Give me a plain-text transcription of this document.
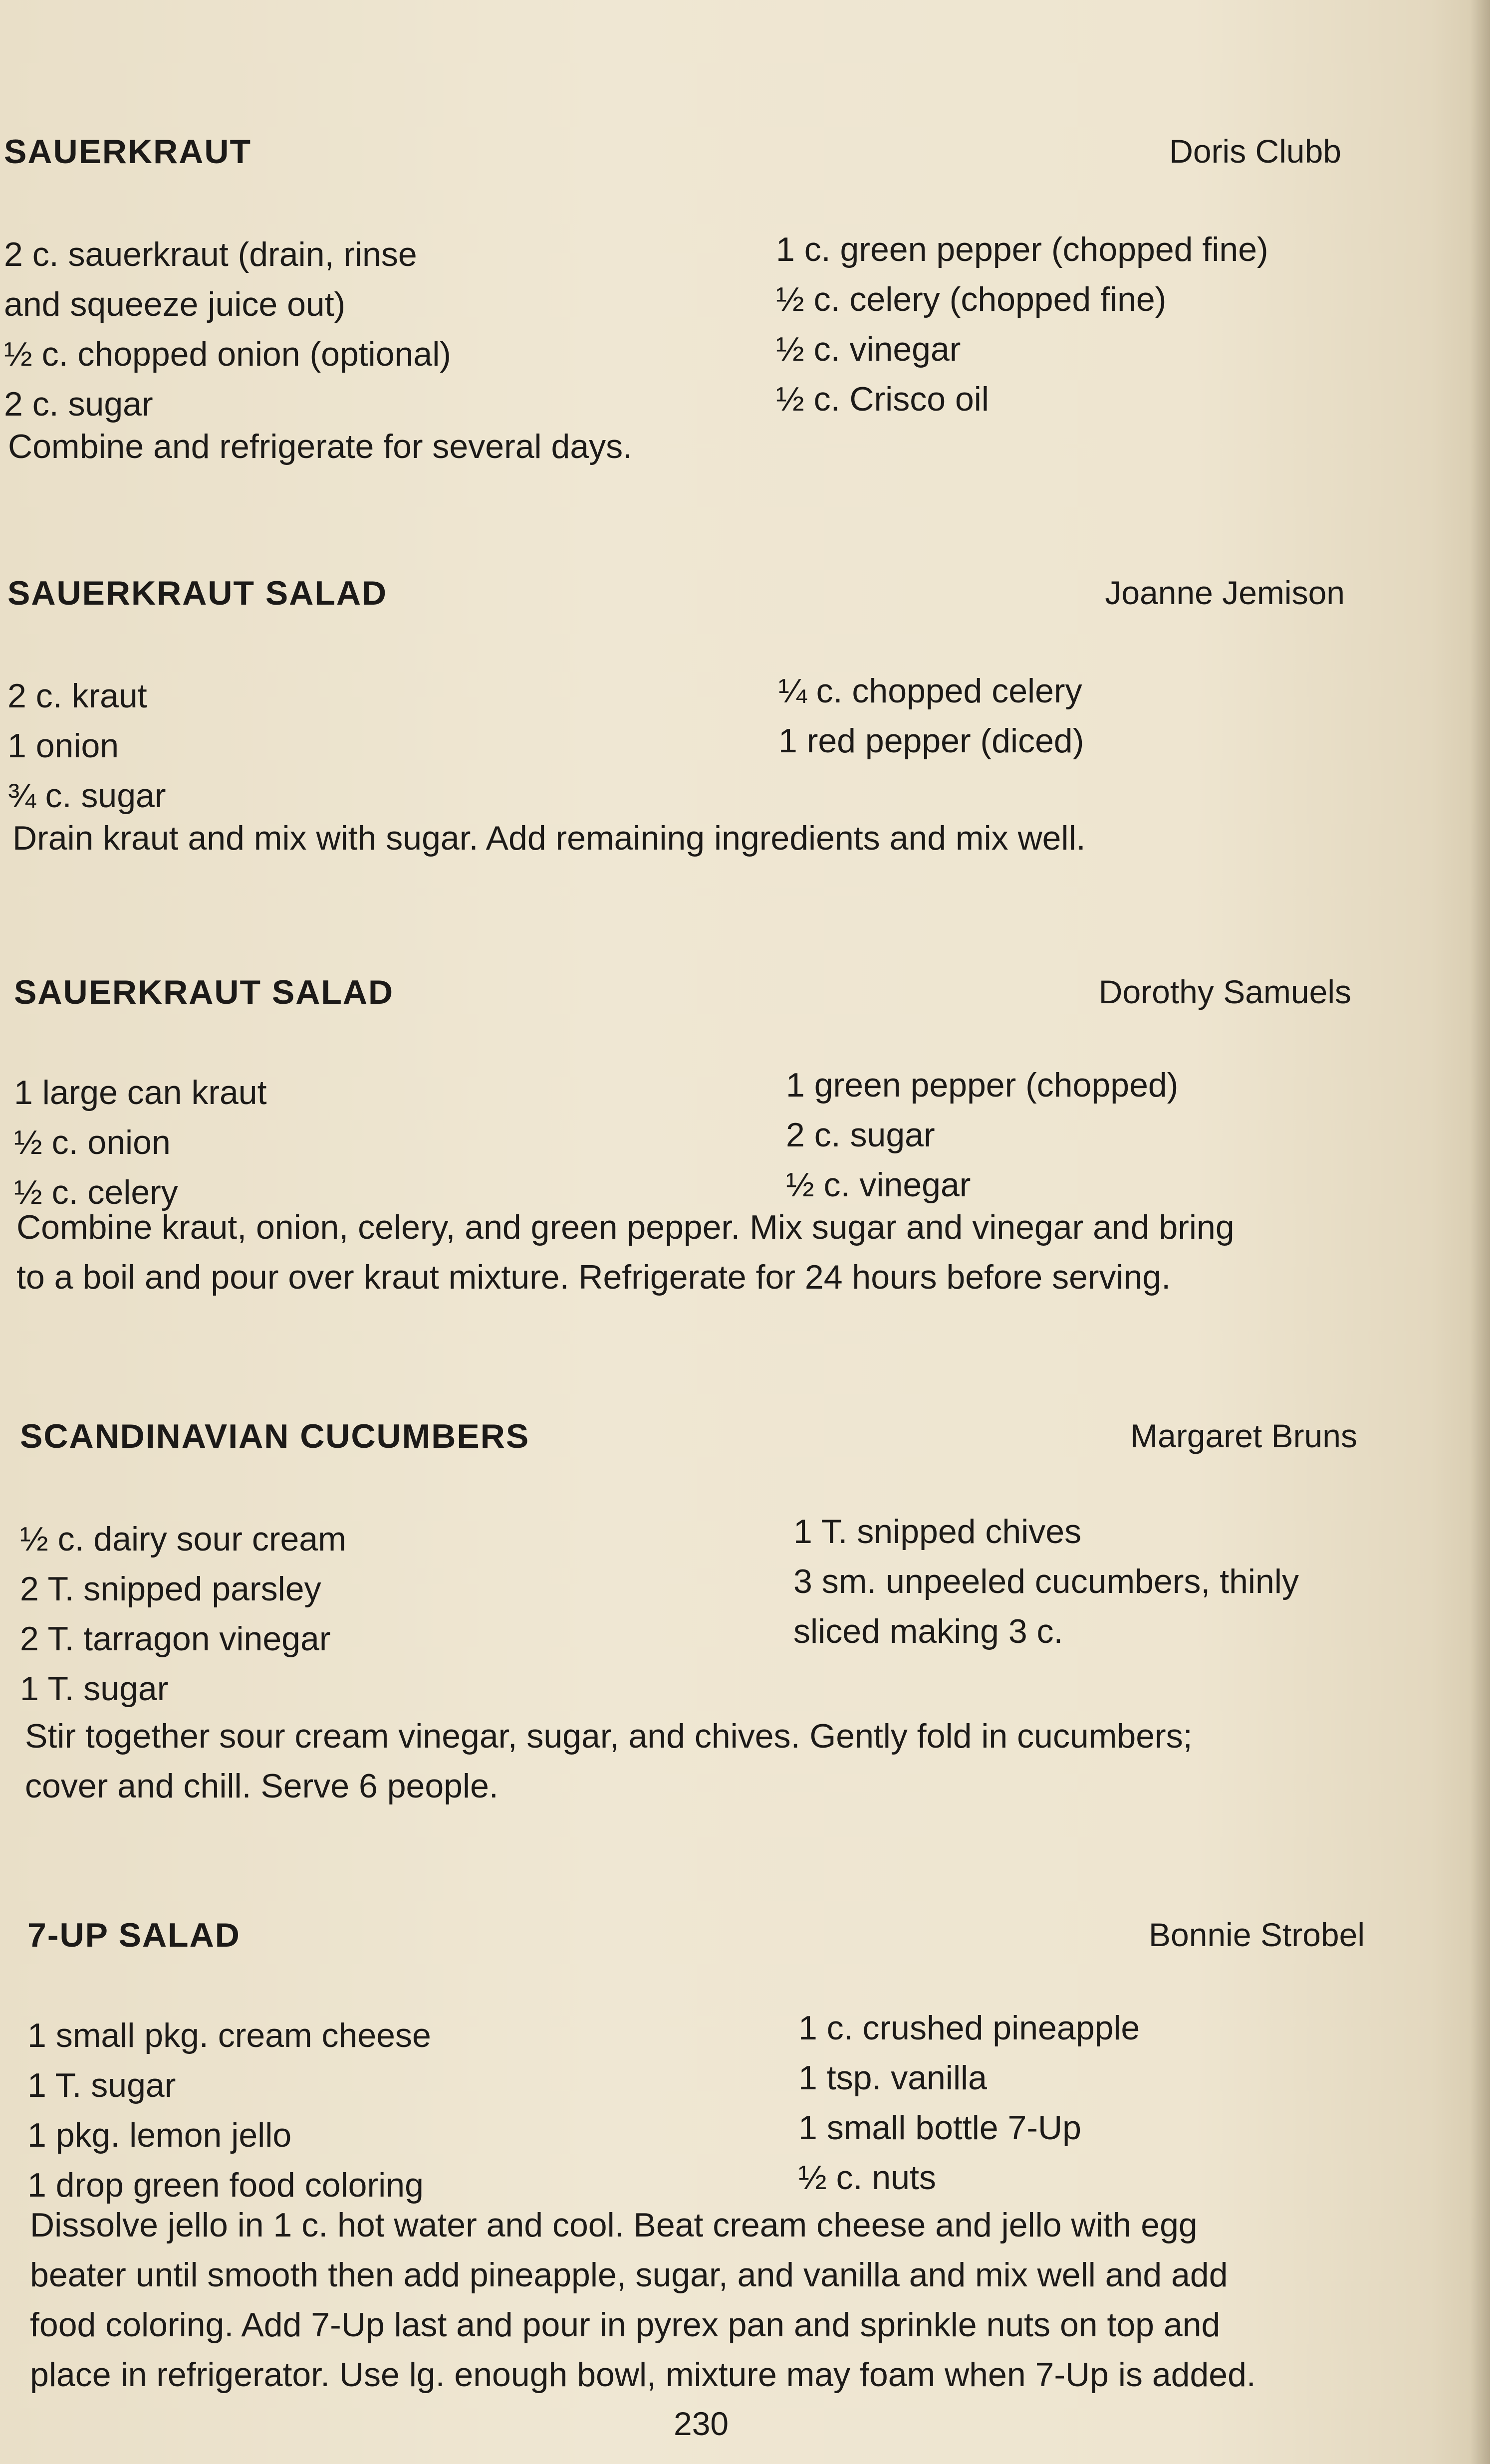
SAUERKRAUT	Doris Clubb
2 c. sauerkraut (drain, rinse
and squeeze juice out)
½ c. chopped onion (optional)
2 c. sugar
1 c. green pepper (chopped fine)
½ c. celery (chopped fine)
½ c. vinegar
½ c. Crisco oil
Combine and refrigerate for several days.
SAUERKRAUT SALAD	Joanne Jemison
2 c. kraut
1 onion
¾ c. sugar
¼ c. chopped celery
1 red pepper (diced)
Drain kraut and mix with sugar. Add remaining ingredients and mix well.
SAUERKRAUT SALAD	Dorothy Samuels
1 large can kraut
½ c. onion
½ c. celery
1 green pepper (chopped)
2 c. sugar
½ c. vinegar
Combine kraut, onion, celery, and green pepper. Mix sugar and vinegar and bring
to a boil and pour over kraut mixture. Refrigerate for 24 hours before serving.
SCANDINAVIAN CUCUMBERS	Margaret Bruns
½ c. dairy sour cream
2 T. snipped parsley
2 T. tarragon vinegar
1 T. sugar
1 T. snipped chives
3 sm. unpeeled cucumbers, thinly
sliced making 3 c.
Stir together sour cream vinegar, sugar, and chives. Gently fold in cucumbers;
cover and chill. Serve 6 people.
7-UP SALAD	Bonnie Strobel
1 small pkg. cream cheese
1 T. sugar
1 pkg. lemon jello
1 drop green food coloring
1 c. crushed pineapple
1 tsp. vanilla
1 small bottle 7-Up
½ c. nuts
Dissolve jello in 1 c. hot water and cool. Beat cream cheese and jello with egg
beater until smooth then add pineapple, sugar, and vanilla and mix well and add
food coloring. Add 7-Up last and pour in pyrex pan and sprinkle nuts on top and
place in refrigerator. Use lg. enough bowl, mixture may foam when 7-Up is added.
230
